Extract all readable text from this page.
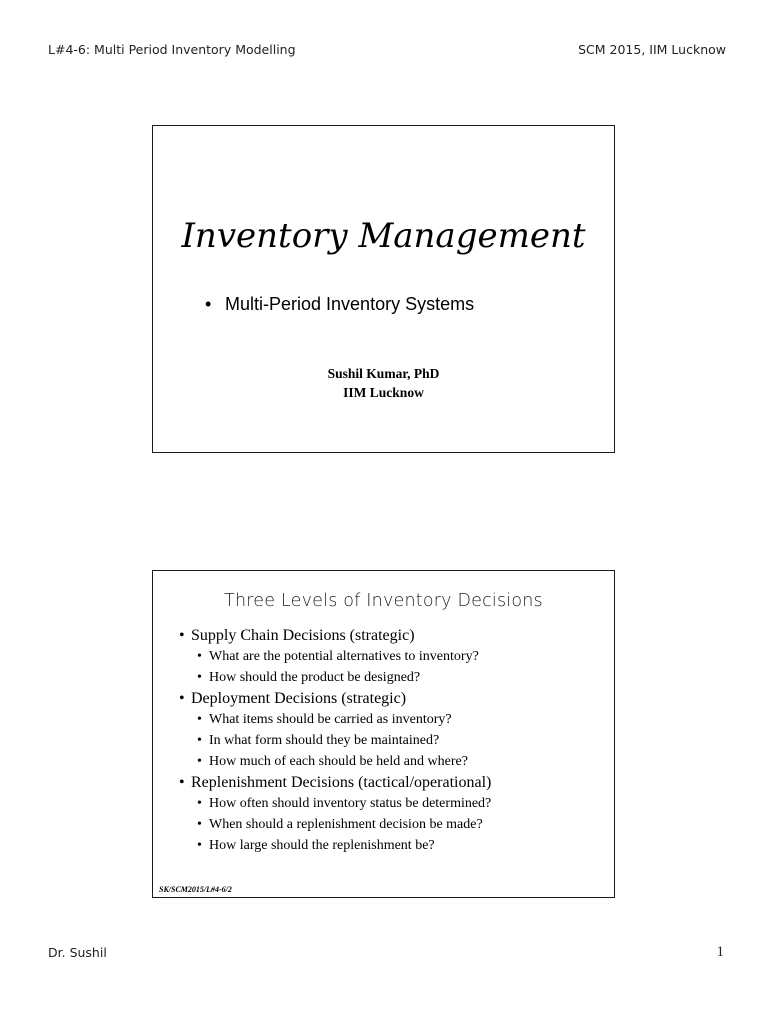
L#4-6: Multi Period Inventory Modelling	SCM 2015, IIM Lucknow
Inventory Management
• Multi-Period Inventory Systems
Sushil Kumar, PhD
IIM Lucknow
Three Levels of Inventory Decisions
• Supply Chain Decisions (strategic)
• What are the potential alternatives to inventory?
• How should the product be designed?
• Deployment Decisions (strategic)
• What items should be carried as inventory?
• In what form should they be maintained?
• How much of each should be held and where?
• Replenishment Decisions (tactical/operational)
• How often should inventory status be determined?
• When should a replenishment decision be made?
• How large should the replenishment be?
SK/SCM2015/L#4-6/2
Dr. Sushil	1
